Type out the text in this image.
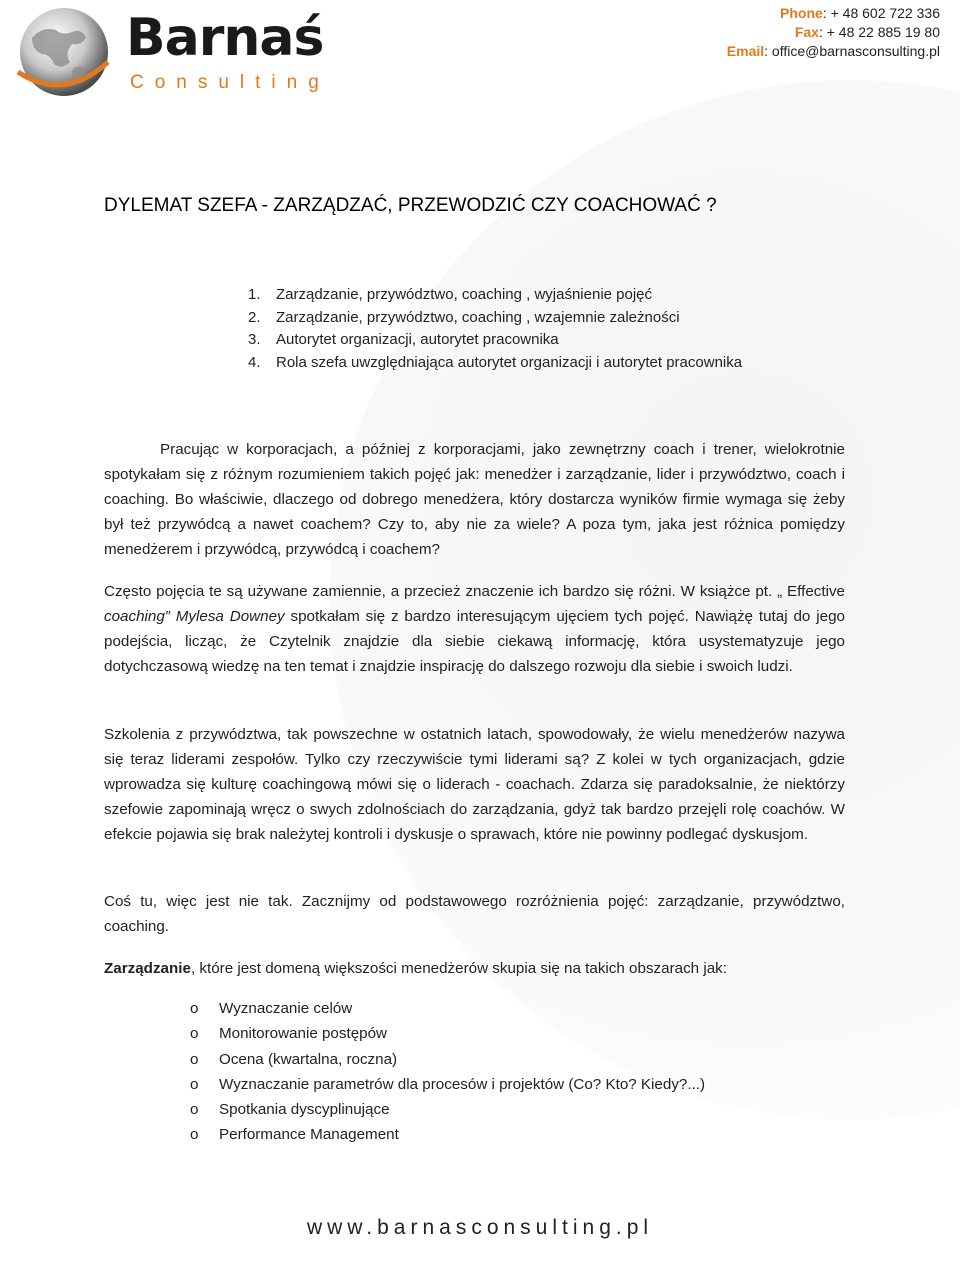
Barnaś
Consulting
Phone: + 48 602 722 336
Fax: + 48 22 885 19 80
Email: office@barnasconsulting.pl
DYLEMAT SZEFA - ZARZĄDZAĆ, PRZEWODZIĆ CZY COACHOWAĆ ?
1. Zarządzanie, przywództwo, coaching , wyjaśnienie pojęć
2. Zarządzanie, przywództwo, coaching , wzajemnie zależności
3. Autorytet organizacji, autorytet pracownika
4. Rola szefa uwzględniająca autorytet organizacji i autorytet pracownika
Pracując w korporacjach, a później z korporacjami, jako zewnętrzny coach i trener, wielokrotnie spotykałam się z różnym rozumieniem takich pojęć jak: menedżer i zarządzanie, lider i przywództwo, coach i coaching. Bo właściwie, dlaczego od dobrego menedżera, który dostarcza wyników firmie wymaga się żeby był też przywódcą a nawet coachem? Czy to, aby nie za wiele? A poza tym, jaka jest różnica pomiędzy menedżerem i przywódcą, przywódcą i coachem?
Często pojęcia te są używane zamiennie, a przecież znaczenie ich bardzo się różni. W książce pt. „ Effective coaching” Mylesa Downey spotkałam się z bardzo interesującym ujęciem tych pojęć. Nawiążę tutaj do jego podejścia, licząc, że Czytelnik znajdzie dla siebie ciekawą informację, która usystematyzuje jego dotychczasową wiedzę na ten temat i znajdzie inspirację do dalszego rozwoju dla siebie i swoich ludzi.
Szkolenia z przywództwa, tak powszechne w ostatnich latach, spowodowały, że wielu menedżerów nazywa się teraz liderami zespołów. Tylko czy rzeczywiście tymi liderami są? Z kolei w tych organizacjach, gdzie wprowadza się kulturę coachingową mówi się o liderach - coachach. Zdarza się paradoksalnie, że niektórzy szefowie zapominają wręcz o swych zdolnościach do zarządzania, gdyż tak bardzo przejęli rolę coachów. W efekcie pojawia się brak należytej kontroli i dyskusje o sprawach, które nie powinny podlegać dyskusjom.
Coś tu, więc jest nie tak. Zacznijmy od podstawowego rozróżnienia pojęć: zarządzanie, przywództwo, coaching.
Zarządzanie, które jest domeną większości menedżerów skupia się na takich obszarach jak:
o Wyznaczanie celów
o Monitorowanie postępów
o Ocena (kwartalna, roczna)
o Wyznaczanie parametrów dla procesów i projektów (Co? Kto? Kiedy?...)
o Spotkania dyscyplinujące
o Performance Management
www.barnasconsulting.pl
